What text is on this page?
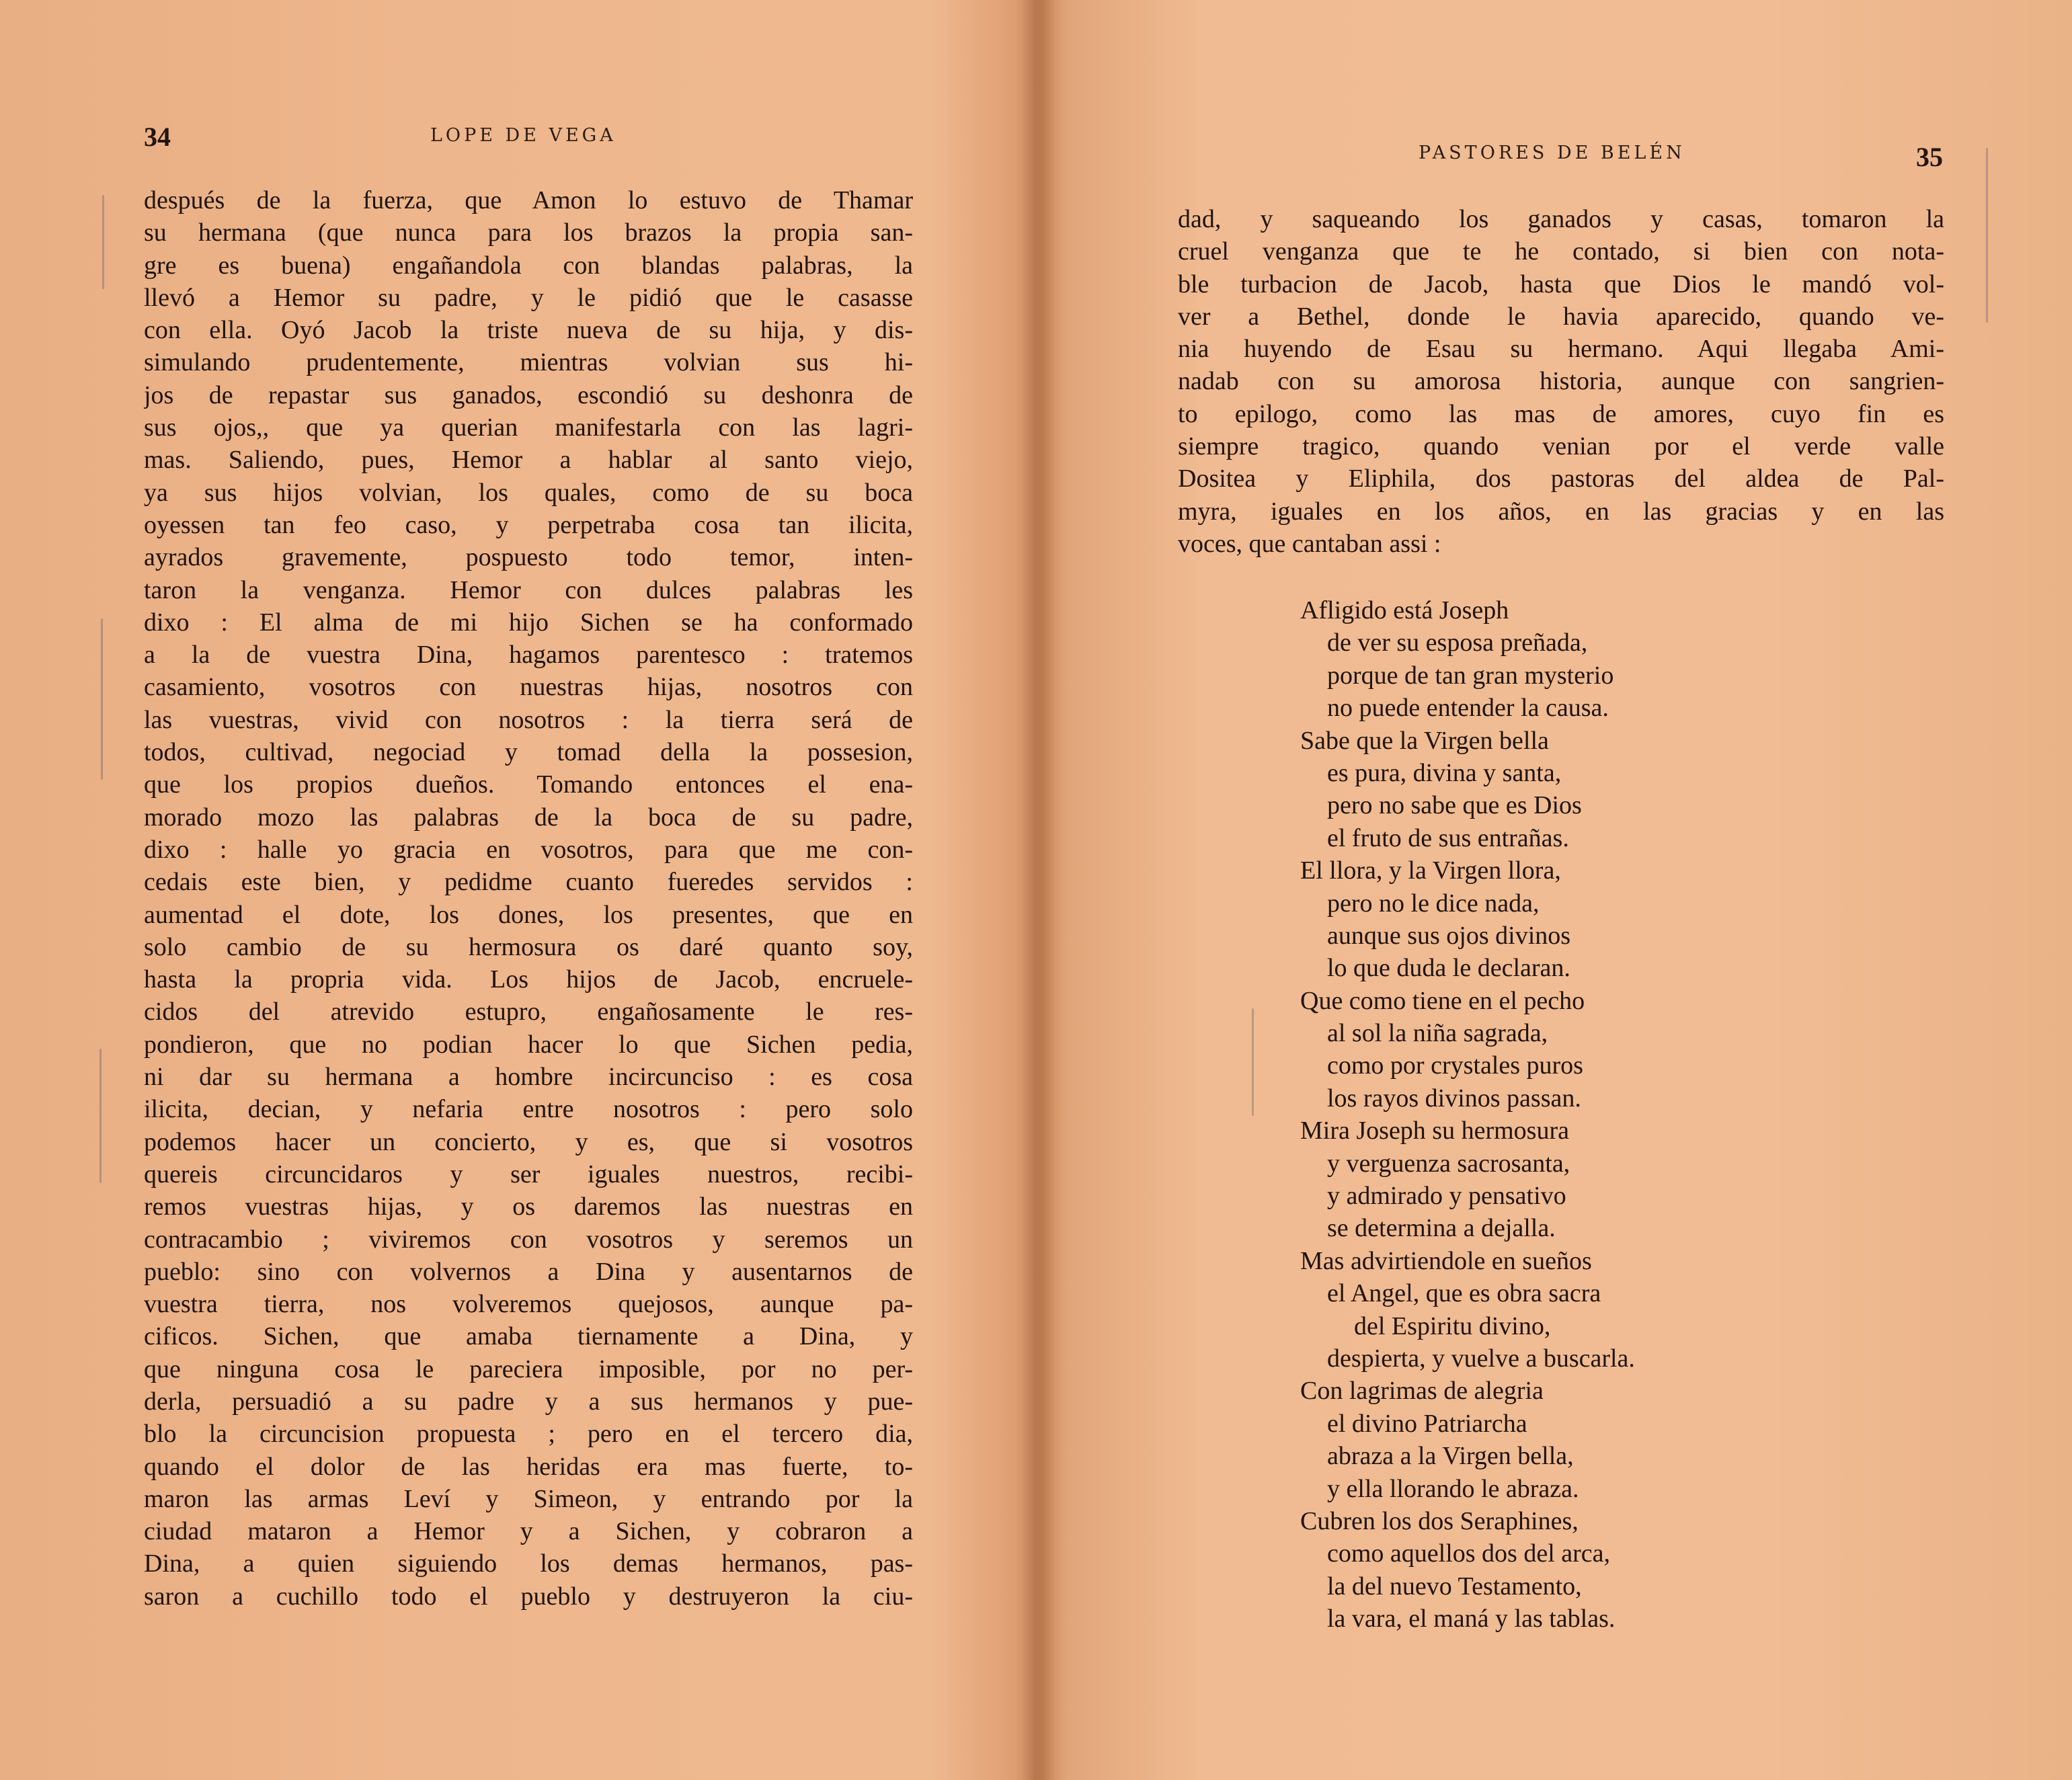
34	LOPE DE VEGA
después de la fuerza, que Amon lo estuvo de Thamar
su hermana (que nunca para los brazos la propia san-
gre es buena) engañandola con blandas palabras, la
llevó a Hemor su padre, y le pidió que le casasse
con ella. Oyó Jacob la triste nueva de su hija, y dis-
simulando prudentemente, mientras volvian sus hi-
jos de repastar sus ganados, escondió su deshonra de
sus ojos,, que ya querian manifestarla con las lagri-
mas. Saliendo, pues, Hemor a hablar al santo viejo,
ya sus hijos volvian, los quales, como de su boca
oyessen tan feo caso, y perpetraba cosa tan ilicita,
ayrados gravemente, pospuesto todo temor, inten-
taron la venganza. Hemor con dulces palabras les
dixo : El alma de mi hijo Sichen se ha conformado
a la de vuestra Dina, hagamos parentesco : tratemos
casamiento, vosotros con nuestras hijas, nosotros con
las vuestras, vivid con nosotros : la tierra será de
todos, cultivad, negociad y tomad della la possesion,
que los propios dueños. Tomando entonces el ena-
morado mozo las palabras de la boca de su padre,
dixo : halle yo gracia en vosotros, para que me con-
cedais este bien, y pedidme cuanto fueredes servidos :
aumentad el dote, los dones, los presentes, que en
solo cambio de su hermosura os daré quanto soy,
hasta la propria vida. Los hijos de Jacob, encruele-
cidos del atrevido estupro, engañosamente le res-
pondieron, que no podian hacer lo que Sichen pedia,
ni dar su hermana a hombre incircunciso : es cosa
ilicita, decian, y nefaria entre nosotros : pero solo
podemos hacer un concierto, y es, que si vosotros
quereis circuncidaros y ser iguales nuestros, recibi-
remos vuestras hijas, y os daremos las nuestras en
contracambio ; viviremos con vosotros y seremos un
pueblo: sino con volvernos a Dina y ausentarnos de
vuestra tierra, nos volveremos quejosos, aunque pa-
cificos. Sichen, que amaba tiernamente a Dina, y
que ninguna cosa le pareciera imposible, por no per-
derla, persuadió a su padre y a sus hermanos y pue-
blo la circuncision propuesta ; pero en el tercero dia,
quando el dolor de las heridas era mas fuerte, to-
maron las armas Leví y Simeon, y entrando por la
ciudad mataron a Hemor y a Sichen, y cobraron a
Dina, a quien siguiendo los demas hermanos, pas-
saron a cuchillo todo el pueblo y destruyeron la ciu-
PASTORES DE BELÉN	35
dad, y saqueando los ganados y casas, tomaron la
cruel venganza que te he contado, si bien con nota-
ble turbacion de Jacob, hasta que Dios le mandó vol-
ver a Bethel, donde le havia aparecido, quando ve-
nia huyendo de Esau su hermano. Aqui llegaba Ami-
nadab con su amorosa historia, aunque con sangrien-
to epilogo, como las mas de amores, cuyo fin es
siempre tragico, quando venian por el verde valle
Dositea y Eliphila, dos pastoras del aldea de Pal-
myra, iguales en los años, en las gracias y en las
voces, que cantaban assi :
Afligido está Joseph
de ver su esposa preñada,
porque de tan gran mysterio
no puede entender la causa.
Sabe que la Virgen bella
es pura, divina y santa,
pero no sabe que es Dios
el fruto de sus entrañas.
El llora, y la Virgen llora,
pero no le dice nada,
aunque sus ojos divinos
lo que duda le declaran.
Que como tiene en el pecho
al sol la niña sagrada,
como por crystales puros
los rayos divinos passan.
Mira Joseph su hermosura
y verguenza sacrosanta,
y admirado y pensativo
se determina a dejalla.
Mas advirtiendole en sueños
el Angel, que es obra sacra
del Espiritu divino,
despierta, y vuelve a buscarla.
Con lagrimas de alegria
el divino Patriarcha
abraza a la Virgen bella,
y ella llorando le abraza.
Cubren los dos Seraphines,
como aquellos dos del arca,
la del nuevo Testamento,
la vara, el maná y las tablas.
